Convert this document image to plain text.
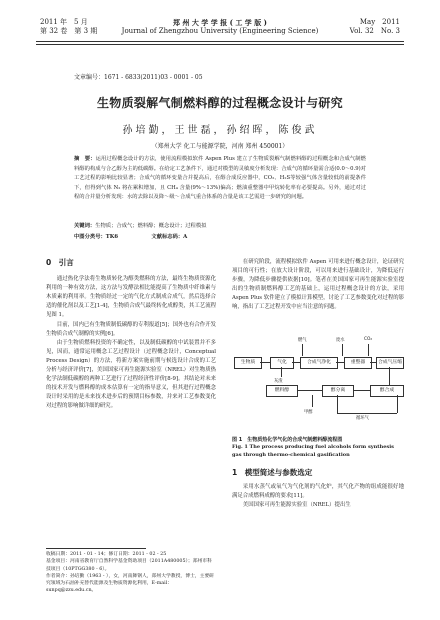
2011 年　5 月
第 32 卷　第 3 期
郑 州 大 学 学 报 ( 工 学 版 )
Journal of Zhengzhou University (Engineering Science)
May　2011
Vol. 32　No. 3
文章编号：1671 - 6833(2011)03 - 0001 - 05
生物质裂解气制燃料醇的过程概念设计与研究
孙培勤，王世磊，孙绍晖，陈俊武
（郑州大学 化工与能源学院，河南 郑州 450001）
摘　要：运用过程概念设计的方法，使用流程模拟软件 Aspen Plus 建立了生物质裂解气制燃料醇的过程概念和合成气制燃料醇的构成与合乙醇为主的低碳醇。在给定工艺条件下，通过对模型的灵敏度分析发现：合成气的循环量需合适(0.0～0.9)对工艺过程的影响比较显著；合成气的循环变量合并提高后，在醇合成反应器中，CO₂、H₂S等较强气体含量较低的前提条件下，但得到气体 N₂ 将在累积增加，且 CH₄ 含量(9%～13%)偏高；燃油重整器中甲烷转化率有必要提高。另外，通过对过程的合并量分析发现：水的去除以及降～级～合成气重合体系的合量是该工艺需进一步研究的问题。
关键词：生物质；合成气；燃料醇；概念设计；过程模拟
中图分类号：TK6	文献标志码：A
0　引言

通过热化学法将生物质转化为醇类燃料的方法，最终生物质资源化利用的一种有效方法，这方法与发酵法相比能提高了生物质中纤维素与木质素的利用率。生物质经过一定的气化方式制成合成气，然后选择合适的催化剂以及工艺[1-4]，生物质合成气最终转化成醇类，其工艺流程见图 1。

目前，国内已有生物质制低碳醇的专利报道[5]；国外也有合作开发生物质合成气制醇的实例[6]。

由于生物质燃料投资的不确定性，以及制低碳醇的中试装置并不多见，因而，通常运用概念工艺过程设计（过程概念设计，Conceptual Process Design）的方法，将新方案实施前期与候选设计合成的工艺分析与经济评价[7]，美国国家可再生能源实验室（NREL）对生物质热化学法制低碳醇的两种工艺进行了过程经济性评价[8-9]。其结论对未来的技术开发与燃料醇的成本估算有一定的指导意义，但其进行过程概念设计时采用的是未来技术进步后的预期目标参数，并来对工艺参数变化对过程的影响做详细的研究。

收稿日期：2011 - 01 - 14；修订日期：2011 - 02 - 25
基金项目：河南省教育厅自然科学基金资助项目（2011A480005）；郑州市科技项目（10PTGG380 - 6）。
作者简介：孙培勤（1963 - ），女，河南舞钢人，郑州大学教授，博士，主要研究领域为石油补充替代能源及生物质资源化利用，E-mail：sunpq@zzu.edu.cn。

在研究阶段，流程模拟软件 Aspen 可用来进行概念设计，论证研究项目的可行性；在放大设计阶段，可以用来进行基础设计，为降低运行步骤，为降低步骤提供依据[10]。笔者在美国国家可再生能源实验室提出的生物质制燃料醇工艺的基础上，运用过程概念设计的方法，采用 Aspen Plus 软件建立了模拟计算模型，讨论了工艺参数变化对过程的影响，指出了工艺过程开发中应当注意的问题。

燃气	废水	CO₂
生物质	气化	合成气净化	重整器	合成气压缩
灰渣
醇合成
醇分离
燃料醇
循环气
甲醇
图 1　生物质热化学气化的合成气制燃料醇流程图
Fig. 1 The process producing fuel alcohols form synthesis gas through thermo-chemical gasification
1　模型简述与参数选定

采用水蒸气或氧气为气化剂的气化炉，其气化产物的组成能很好地满足合成燃料成醇的要求[11]。

美国国家可再生能源实验室（NREL）提出生
